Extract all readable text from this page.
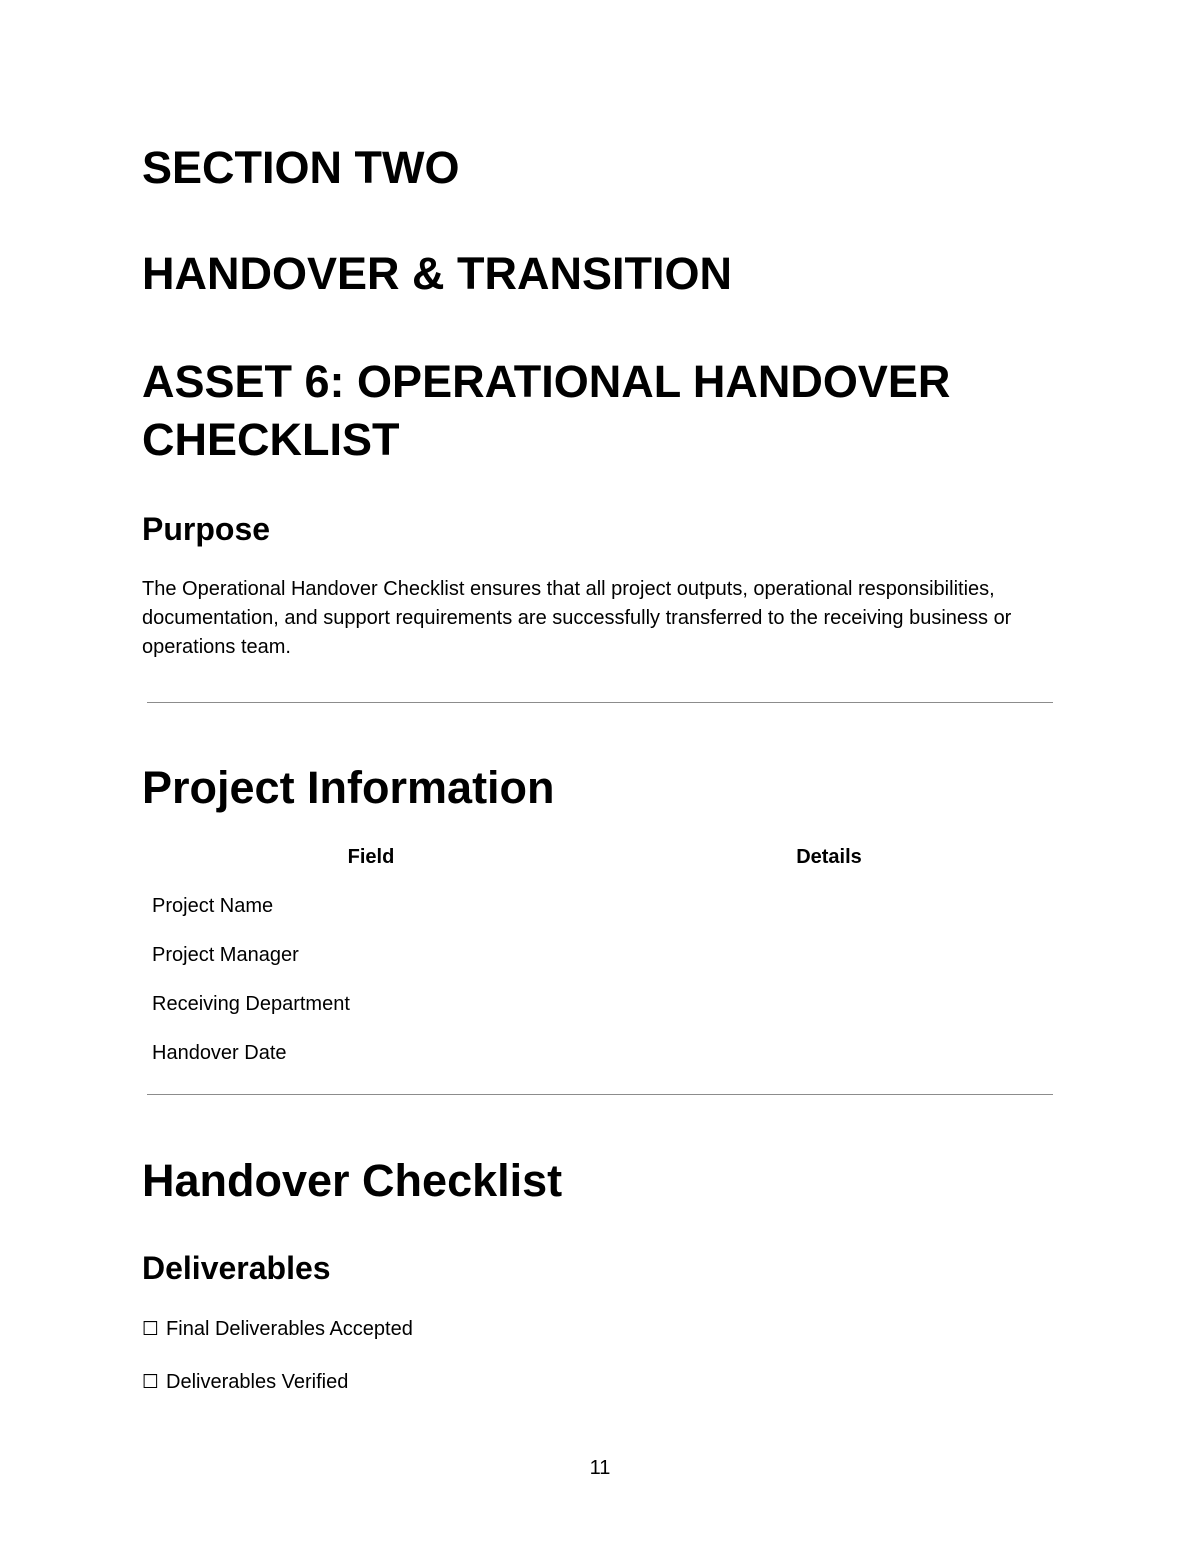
SECTION TWO
HANDOVER & TRANSITION
ASSET 6: OPERATIONAL HANDOVER CHECKLIST
Purpose

The Operational Handover Checklist ensures that all project outputs, operational responsibilities, documentation, and support requirements are successfully transferred to the receiving business or operations team.

Project Information
Field	Details
Project Name
Project Manager
Receiving Department
Handover Date
Handover Checklist
Deliverables
☐ Final Deliverables Accepted
☐ Deliverables Verified
11
